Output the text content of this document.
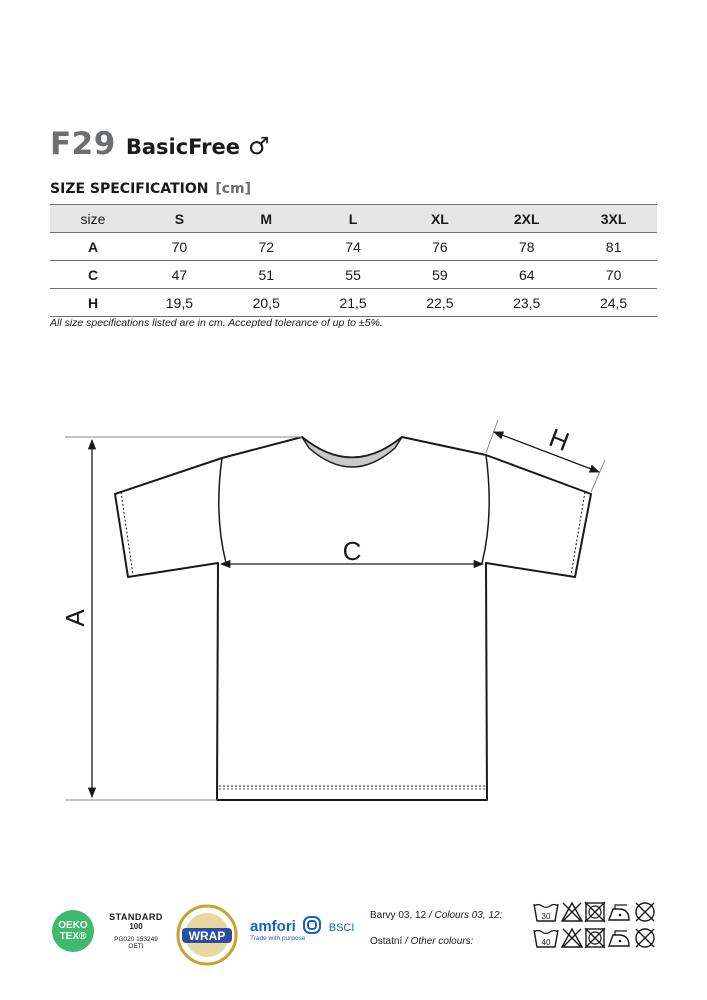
F29 BasicFree ♂
SIZE SPECIFICATION [cm]
size	S	M	L	XL	2XL	3XL
A	70	72	74	76	78	81
C	47	51	55	59	64	70
H	19,5	20,5	21,5	22,5	23,5	24,5
All size specifications listed are in cm. Accepted tolerance of up to ±5%.
A
C
H
OEKO
TEX®
STANDARD
100
PG020 153249
OETI
WRAP
amfori	BSCI
Trade with purpose
Barvy 03, 12 / Colours 03, 12:
Ostatní / Other colours:
30
40
